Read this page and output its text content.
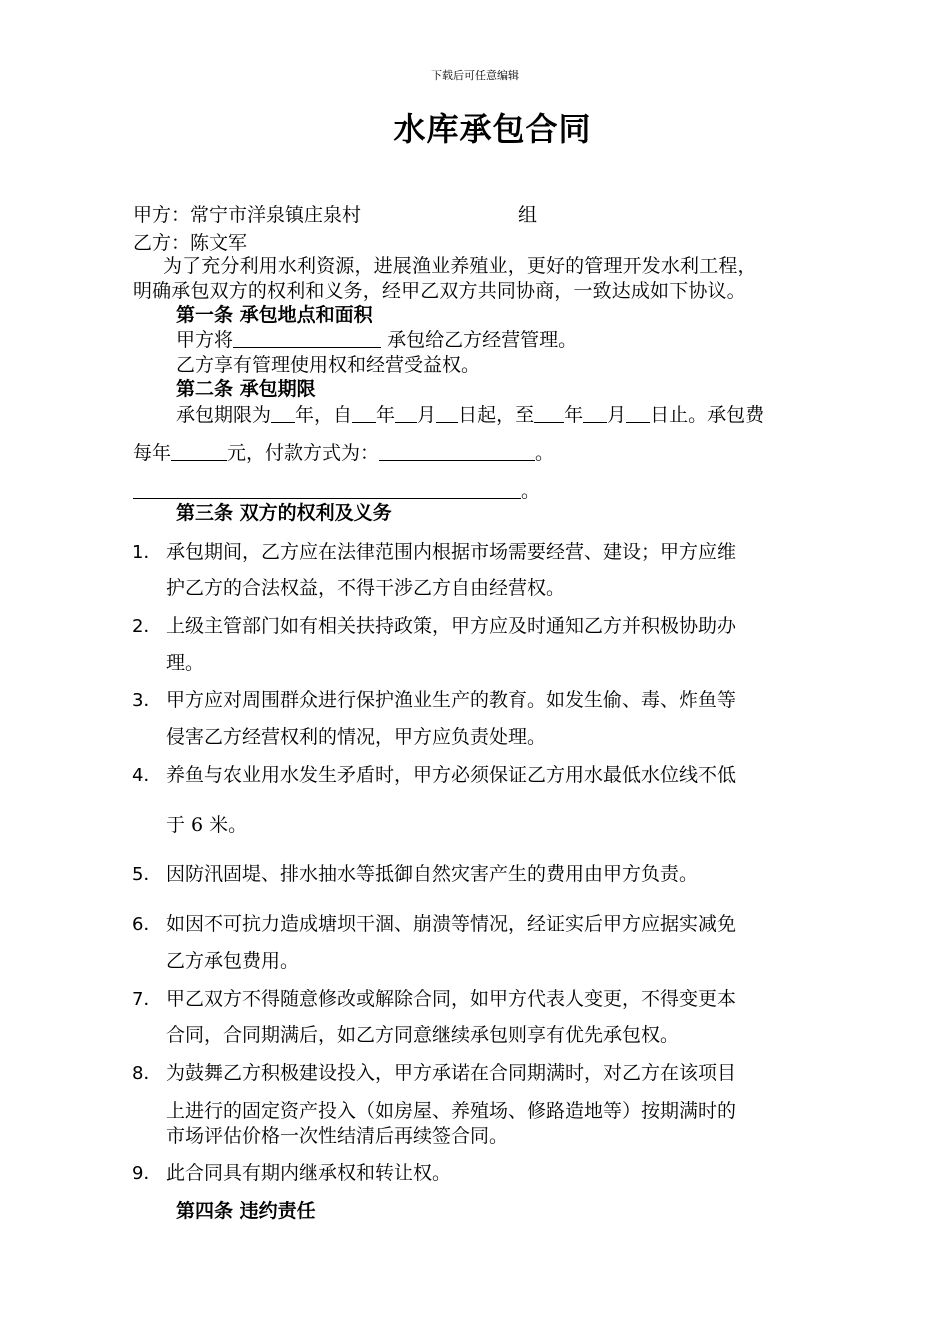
下载后可任意编辑
水库承包合同
甲方：常宁市洋泉镇庄泉村	组
乙方：陈文军
为了充分利用水利资源，进展渔业养殖业，更好的管理开发水利工程，
明确承包双方的权利和义务，经甲乙双方共同协商，一致达成如下协议。
第一条 承包地点和面积
甲方将	承包给乙方经营管理。
乙方享有管理使用权和经营受益权。
第二条 承包期限
承包期限为 年，自 年 月 日起，至 年 月 日止。承包费
每年	元，付款方式为：	。
。
第三条 双方的权利及义务
1． 承包期间，乙方应在法律范围内根据市场需要经营、建设；甲方应维
护乙方的合法权益，不得干涉乙方自由经营权。
2． 上级主管部门如有相关扶持政策，甲方应及时通知乙方并积极协助办
理。
3． 甲方应对周围群众进行保护渔业生产的教育。如发生偷、毒、炸鱼等
侵害乙方经营权利的情况，甲方应负责处理。
4． 养鱼与农业用水发生矛盾时，甲方必须保证乙方用水最低水位线不低
于 6 米。
5． 因防汛固堤、排水抽水等抵御自然灾害产生的费用由甲方负责。
6． 如因不可抗力造成塘坝干涸、崩溃等情况，经证实后甲方应据实减免
乙方承包费用。
7． 甲乙双方不得随意修改或解除合同，如甲方代表人变更，不得变更本
合同，合同期满后，如乙方同意继续承包则享有优先承包权。
8． 为鼓舞乙方积极建设投入，甲方承诺在合同期满时，对乙方在该项目
上进行的固定资产投入（如房屋、养殖场、修路造地等）按期满时的
市场评估价格一次性结清后再续签合同。
9． 此合同具有期内继承权和转让权。
第四条 违约责任
